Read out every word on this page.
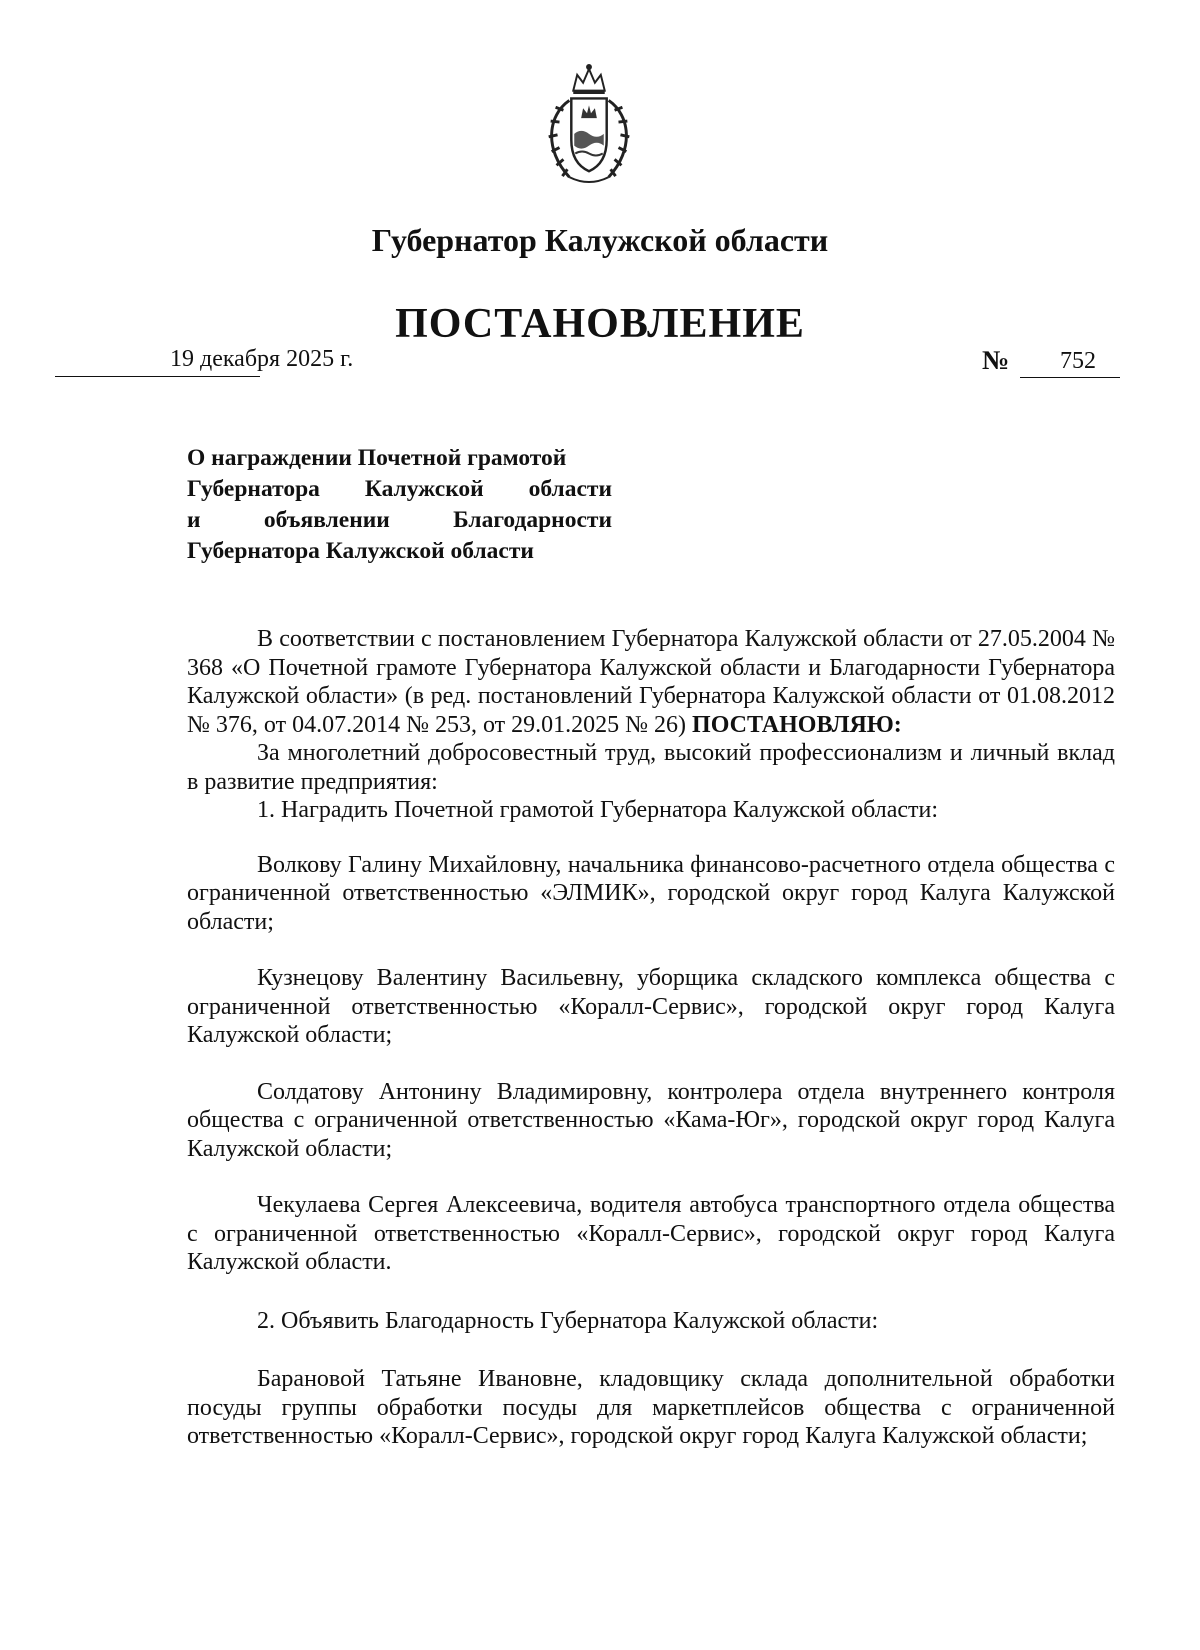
Губернатор Калужской области
ПОСТАНОВЛЕНИЕ
19 декабря 2025 г.	№ 752
О награждении Почетной грамотой
Губернатора Калужской области
и объявлении Благодарности
Губернатора Калужской области

В соответствии с постановлением Губернатора Калужской области от 27.05.2004 № 368 «О Почетной грамоте Губернатора Калужской области и Благодарности Губернатора Калужской области» (в ред. постановлений Губернатора Калужской области от 01.08.2012 № 376, от 04.07.2014 № 253, от 29.01.2025 № 26) ПОСТАНОВЛЯЮ:

За многолетний добросовестный труд, высокий профессионализм и личный вклад в развитие предприятия:

1. Наградить Почетной грамотой Губернатора Калужской области:

Волкову Галину Михайловну, начальника финансово-расчетного отдела общества с ограниченной ответственностью «ЭЛМИК», городской округ город Калуга Калужской области;

Кузнецову Валентину Васильевну, уборщика складского комплекса общества с ограниченной ответственностью «Коралл-Сервис», городской округ город Калуга Калужской области;

Солдатову Антонину Владимировну, контролера отдела внутреннего контроля общества с ограниченной ответственностью «Кама-Юг», городской округ город Калуга Калужской области;

Чекулаева Сергея Алексеевича, водителя автобуса транспортного отдела общества с ограниченной ответственностью «Коралл-Сервис», городской округ город Калуга Калужской области.

2. Объявить Благодарность Губернатора Калужской области:

Барановой Татьяне Ивановне, кладовщику склада дополнительной обработки посуды группы обработки посуды для маркетплейсов общества с ограниченной ответственностью «Коралл-Сервис», городской округ город Калуга Калужской области;
